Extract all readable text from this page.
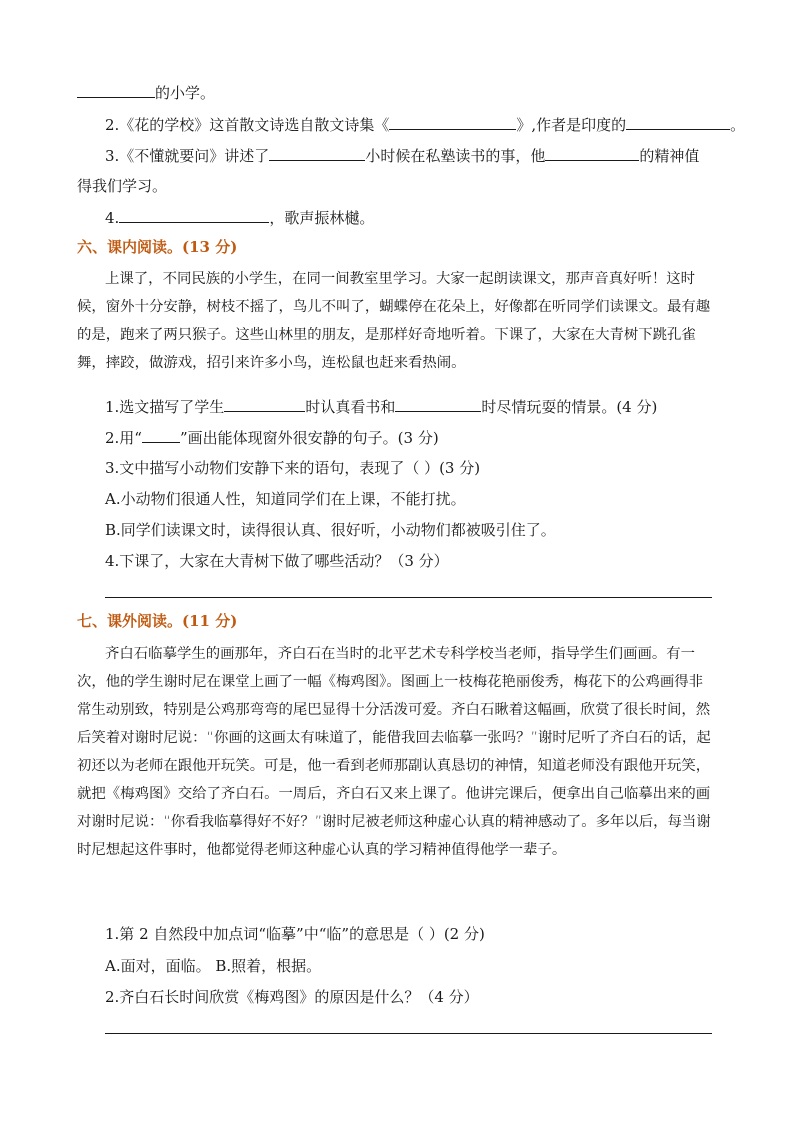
的小学。
2.《花的学校》这首散文诗选自散文诗集《	》,作者是印度的	。
3.《不懂就要问》讲述了	小时候在私塾读书的事，他	的精神值
得我们学习。
4.	，歌声振林樾。
六、课内阅读。(13 分)

上课了，不同民族的小学生，在同一间教室里学习。大家一起朗读课文，那声音真好听！这时候，窗外十分安静，树枝不摇了，鸟儿不叫了，蝴蝶停在花朵上，好像都在听同学们读课文。最有趣的是，跑来了两只猴子。这些山林里的朋友，是那样好奇地听着。下课了，大家在大青树下跳孔雀舞，摔跤，做游戏，招引来许多小鸟，连松鼠也赶来看热闹。

1.选文描写了学生	时认真看书和	时尽情玩耍的情景。(4 分)
2.用“	”画出能体现窗外很安静的句子。(3 分)
3.文中描写小动物们安静下来的语句，表现了（ ）(3 分)
A.小动物们很通人性，知道同学们在上课，不能打扰。
B.同学们读课文时，读得很认真、很好听，小动物们都被吸引住了。
4.下课了，大家在大青树下做了哪些活动？（3 分）
七、课外阅读。(11 分)

齐白石临摹学生的画那年，齐白石在当时的北平艺术专科学校当老师，指导学生们画画。有一次，他的学生谢时尼在课堂上画了一幅《梅鸡图》。图画上一枝梅花艳丽俊秀，梅花下的公鸡画得非常生动别致，特别是公鸡那弯弯的尾巴显得十分活泼可爱。齐白石瞅着这幅画，欣赏了很长时间，然后笑着对谢时尼说：“你画的这画太有味道了，能借我回去临摹一张吗？”谢时尼听了齐白石的话，起初还以为老师在跟他开玩笑。可是，他一看到老师那副认真恳切的神情，知道老师没有跟他开玩笑，就把《梅鸡图》交给了齐白石。一周后，齐白石又来上课了。他讲完课后，便拿出自己临摹出来的画对谢时尼说：“你看我临摹得好不好？”谢时尼被老师这种虚心认真的精神感动了。多年以后，每当谢时尼想起这件事时，他都觉得老师这种虚心认真的学习精神值得他学一辈子。

1.第 2 自然段中加点词“临摹”中“临”的意思是（ ）(2 分)
A.面对，面临。 B.照着，根据。
2.齐白石长时间欣赏《梅鸡图》的原因是什么？（4 分）
